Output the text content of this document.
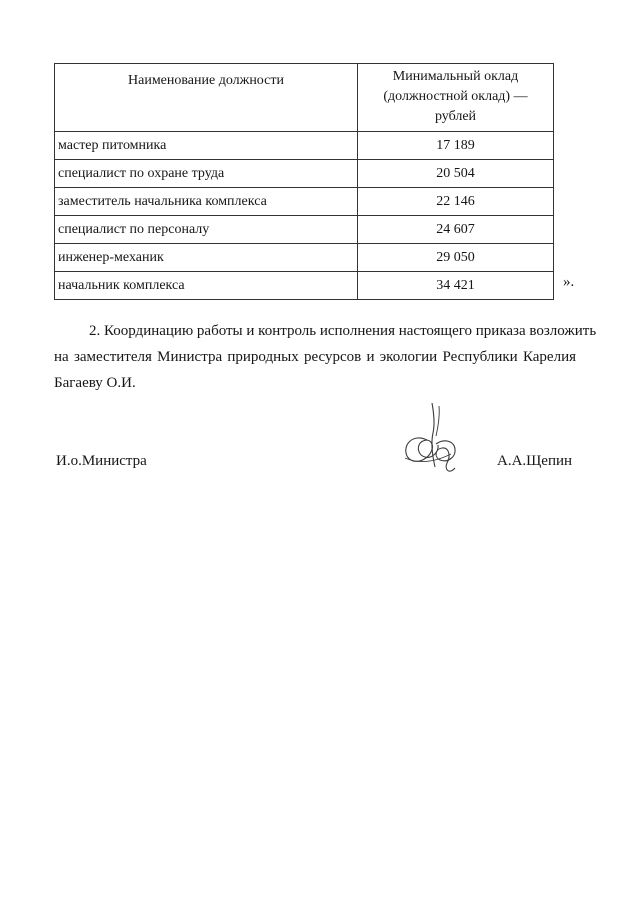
Наименование должности	Минимальный оклад
(должностной оклад) —
рублей

мастер питомника	17 189
специалист по охране труда	20 504
заместитель начальника комплекса	22 146
специалист по персоналу	24 607
инженер-механик	29 050
начальник комплекса	34 421	».
2. Координацию работы и контроль исполнения настоящего приказа возложить
на заместителя Министра природных ресурсов и экологии Республики Карелия
Багаеву О.И.
И.о.Министра	А.А.Щепин
